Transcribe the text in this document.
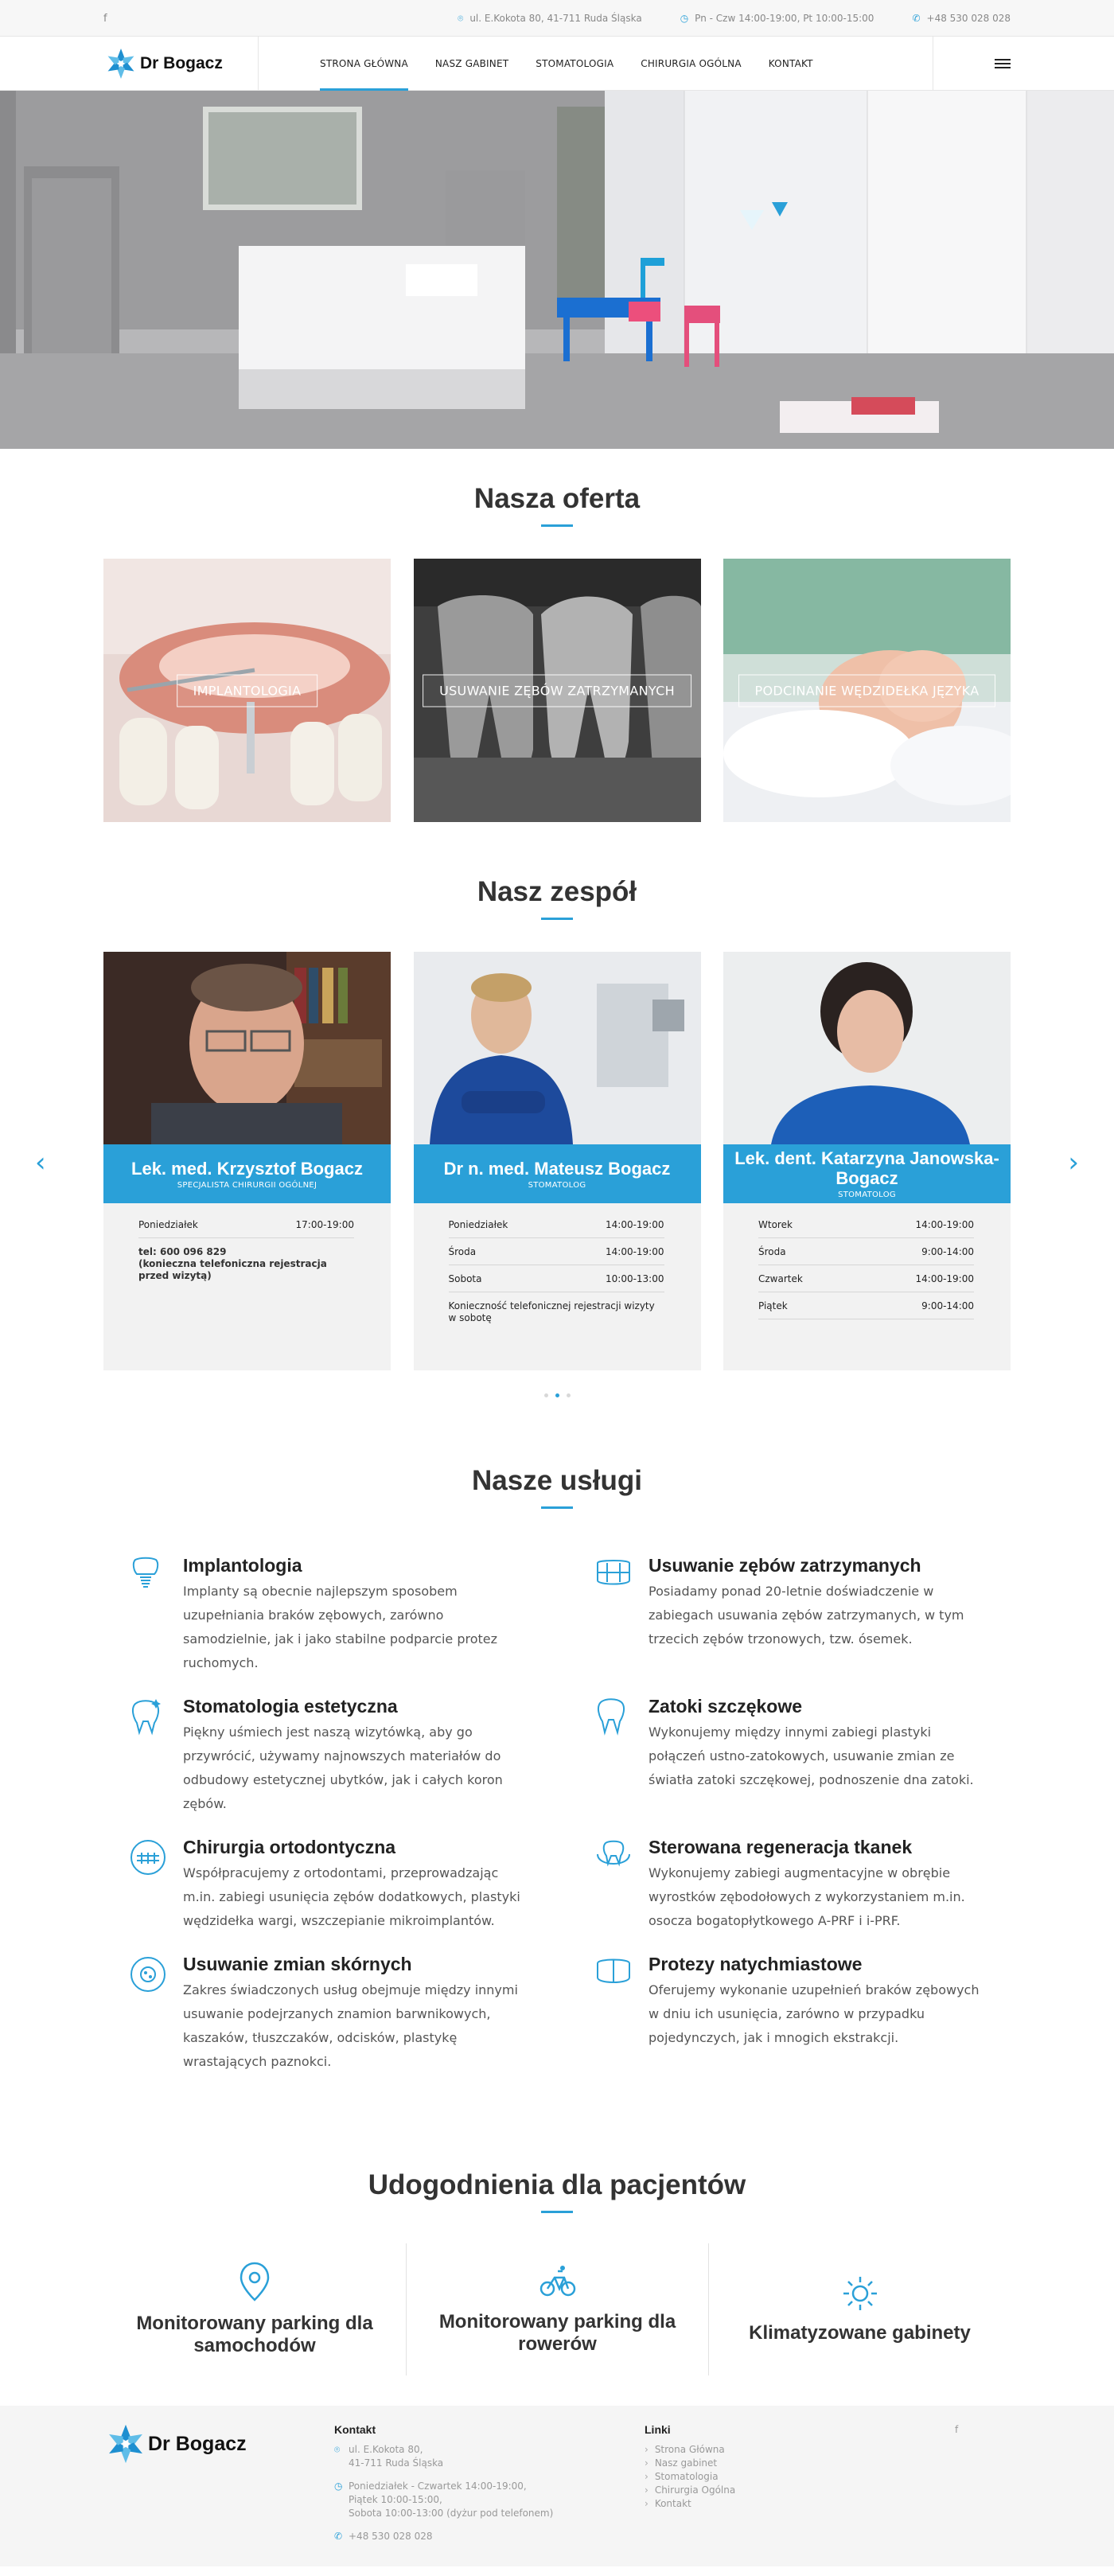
f	⌾ ul. E.Kokota 80, 41-711 Ruda Śląska	◷ Pn - Czw 14:00-19:00, Pt 10:00-15:00	✆ +48 530 028 028
Dr Bogacz	STRONA GŁÓWNA	NASZ GABINET	STOMATOLOGIA	CHIRURGIA OGÓLNA	KONTAKT
Nasza oferta
IMPLANTOLOGIA	USUWANIE ZĘBÓW ZATRZYMANYCH	PODCINANIE WĘDZIDEŁKA JĘZYKA
Nasz zespół
‹	›
Lek. med. Krzysztof Bogacz

SPECJALISTA CHIRURGII OGÓLNEJ

Poniedziałek	17:00-19:00
tel: 600 096 829
(konieczna telefoniczna rejestracja przed wizytą)
Dr n. med. Mateusz Bogacz

STOMATOLOG

Poniedziałek	14:00-19:00
Środa	14:00-19:00
Sobota	10:00-13:00
Konieczność telefonicznej rejestracji wizyty w sobotę
Lek. dent. Katarzyna Janowska-Bogacz

STOMATOLOG

Wtorek	14:00-19:00
Środa	9:00-14:00
Czwartek	14:00-19:00
Piątek	9:00-14:00
Nasze usługi
Implantologia

Implanty są obecnie najlepszym sposobem uzupełniania braków zębowych, zarówno samodzielnie, jak i jako stabilne podparcie protez ruchomych.

Usuwanie zębów zatrzymanych

Posiadamy ponad 20-letnie doświadczenie w zabiegach usuwania zębów zatrzymanych, w tym trzecich zębów trzonowych, tzw. ósemek.

Stomatologia estetyczna

Piękny uśmiech jest naszą wizytówką, aby go przywrócić, używamy najnowszych materiałów do odbudowy estetycznej ubytków, jak i całych koron zębów.

Zatoki szczękowe

Wykonujemy między innymi zabiegi plastyki połączeń ustno-zatokowych, usuwanie zmian ze światła zatoki szczękowej, podnoszenie dna zatoki.

Chirurgia ortodontyczna

Współpracujemy z ortodontami, przeprowadzając m.in. zabiegi usunięcia zębów dodatkowych, plastyki wędzidełka wargi, wszczepianie mikroimplantów.

Sterowana regeneracja tkanek

Wykonujemy zabiegi augmentacyjne w obrębie wyrostków zębodołowych z wykorzystaniem m.in. osocza bogatopłytkowego A-PRF i i-PRF.

Usuwanie zmian skórnych

Zakres świadczonych usług obejmuje między innymi usuwanie podejrzanych znamion barwnikowych, kaszaków, tłuszczaków, odcisków, plastykę wrastających paznokci.

Protezy natychmiastowe

Oferujemy wykonanie uzupełnień braków zębowych w dniu ich usunięcia, zarówno w przypadku pojedynczych, jak i mnogich ekstrakcji.

Udogodnienia dla pacjentów
Monitorowany parking dla samochodów
Monitorowany parking dla rowerów
Klimatyzowane gabinety
Dr Bogacz
Kontakt
⌾ ul. E.Kokota 80,
41-711 Ruda Śląska
◷ Poniedziałek - Czwartek 14:00-19:00,
Piątek 10:00-15:00,
Sobota 10:00-13:00 (dyżur pod telefonem)
✆ +48 530 028 028
Linki
› Strona Główna
› Nasz gabinet
› Stomatologia
› Chirurgia Ogólna
› Kontakt
f
